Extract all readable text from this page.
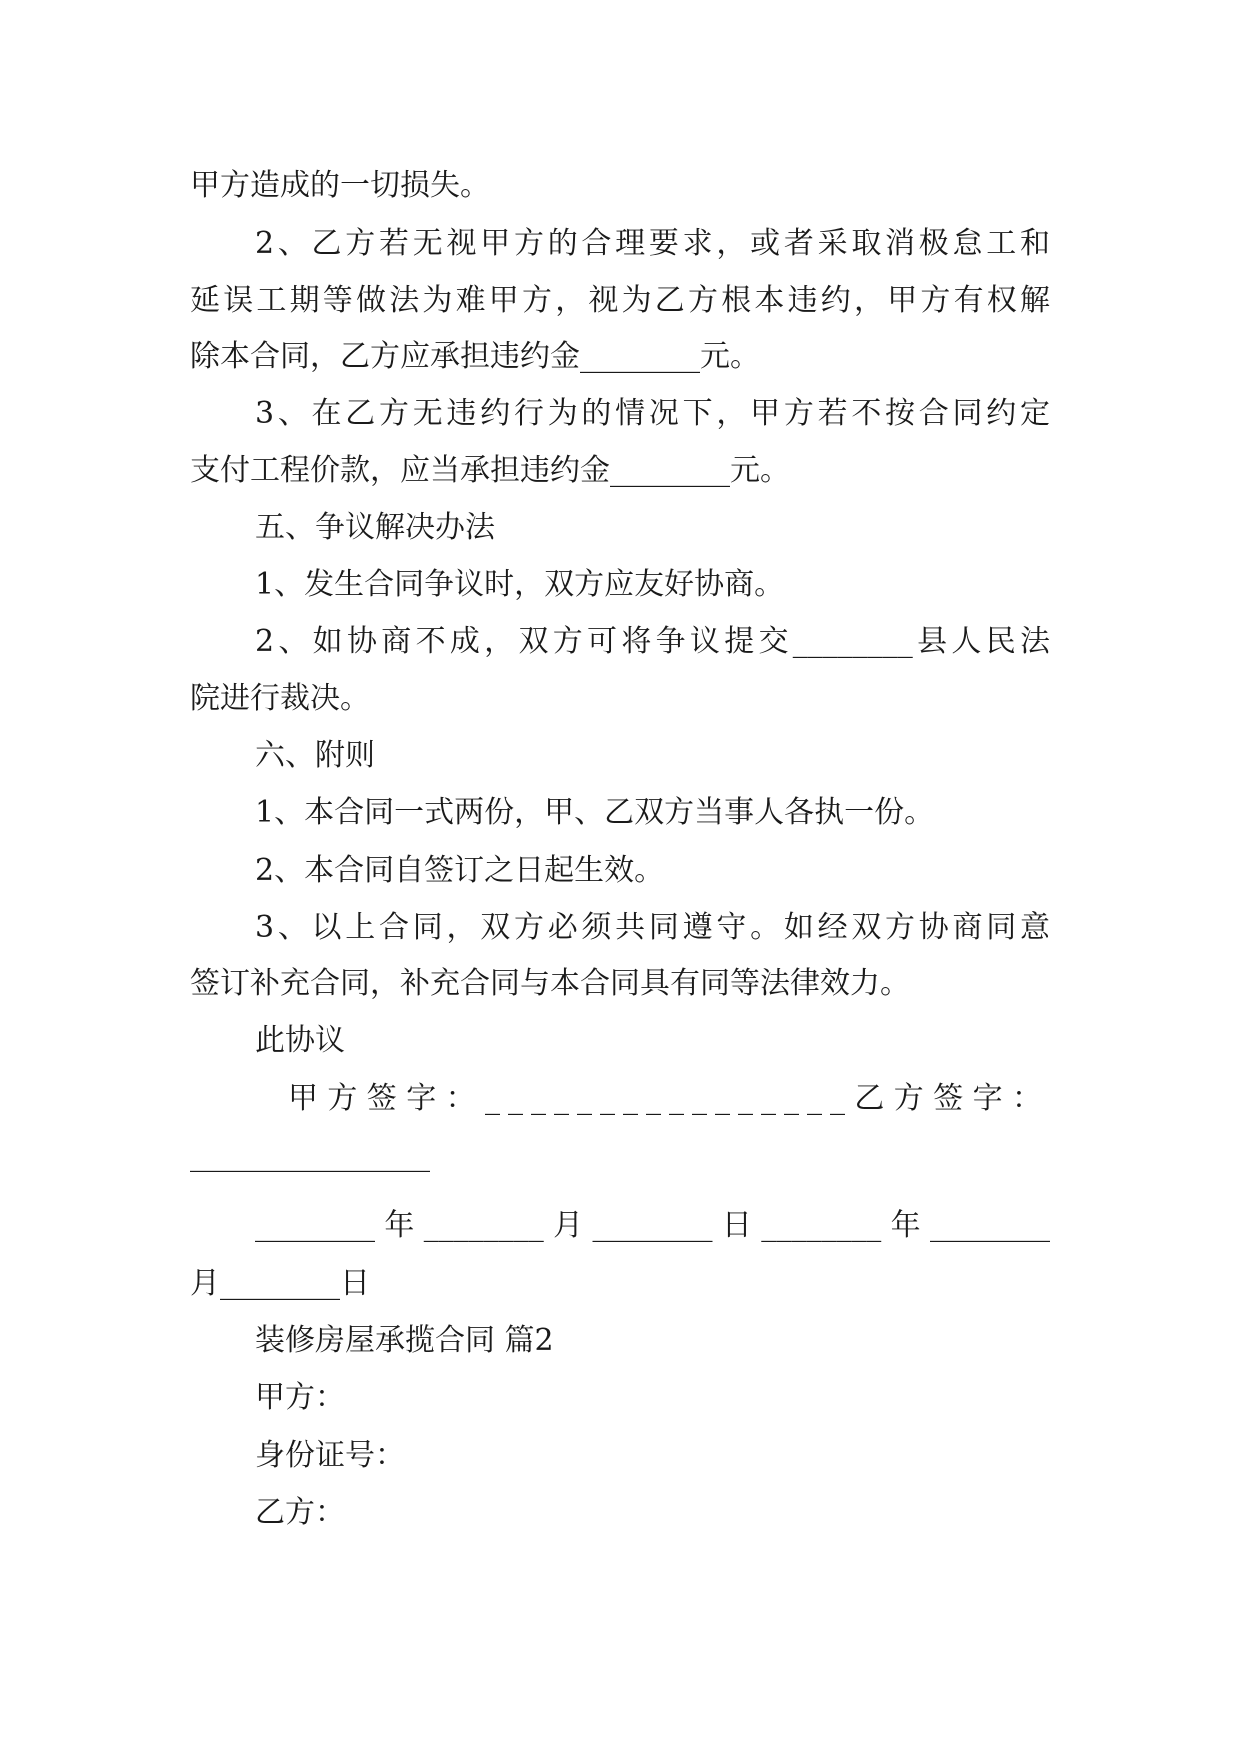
甲方造成的一切损失。
2、乙方若无视甲方的合理要求，或者采取消极怠工和
延误工期等做法为难甲方，视为乙方根本违约，甲方有权解
除本合同，乙方应承担违约金________元。
3、在乙方无违约行为的情况下，甲方若不按合同约定
支付工程价款，应当承担违约金________元。
五、争议解决办法
1、发生合同争议时，双方应友好协商。
2、如协商不成，双方可将争议提交________县人民法
院进行裁决。
六、附则
1、本合同一式两份，甲、乙双方当事人各执一份。
2、本合同自签订之日起生效。
3、以上合同，双方必须共同遵守。如经双方协商同意
签订补充合同，补充合同与本合同具有同等法律效力。
此协议
甲方签字：________________乙方签字：
________________
________年________月________日________年________
月________日
装修房屋承揽合同 篇2
甲方：
身份证号：
乙方：
